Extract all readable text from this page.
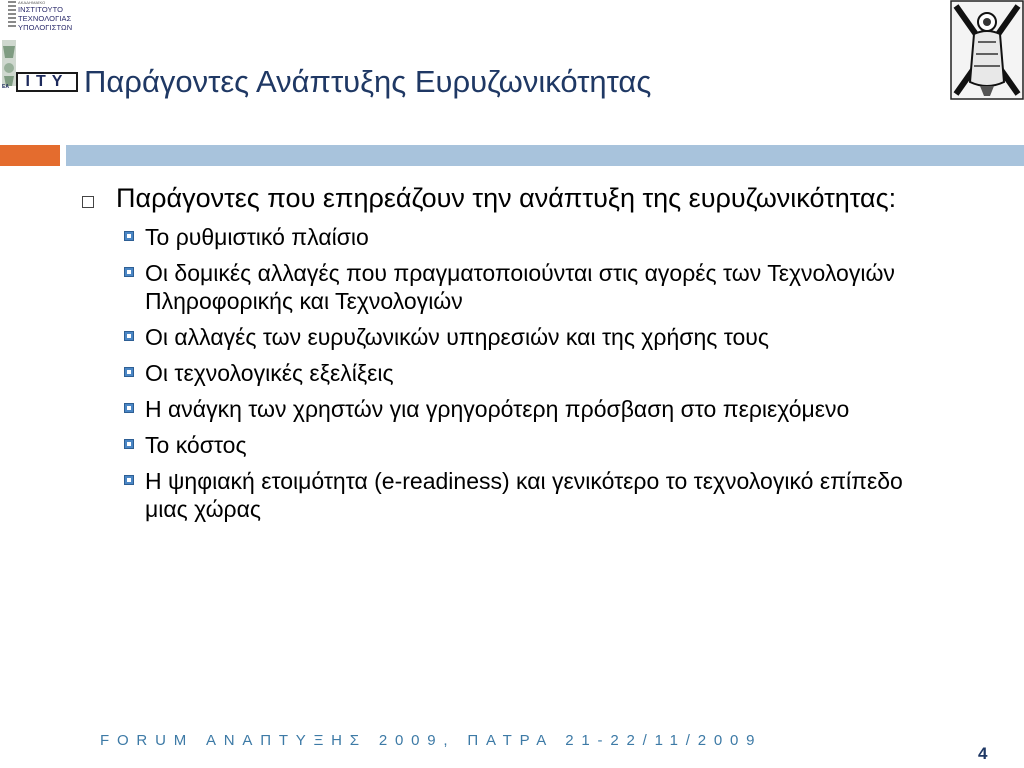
ΑΚΑΔΗΜΑΪΚΟ
ΙΝΣΤΙΤΟΥΤΟ
ΤΕΧΝΟΛΟΓΙΑΣ
ΥΠΟΛΟΓΙΣΤΩΝ
ITY
ΕΑ Παράγοντες Ανάπτυξης Ευρυζωνικότητας
Παράγοντες που επηρεάζουν την ανάπτυξη της ευρυζωνικότητας:
Το ρυθμιστικό πλαίσιο
Οι δομικές αλλαγές που πραγματοποιούνται στις αγορές των Τεχνολογιών Πληροφορικής και Τεχνολογιών
Οι αλλαγές των ευρυζωνικών υπηρεσιών και της χρήσης τους
Οι τεχνολογικές εξελίξεις
Η ανάγκη των χρηστών για γρηγορότερη πρόσβαση στο περιεχόμενο
Το κόστος
Η ψηφιακή ετοιμότητα (e-readiness) και γενικότερο το τεχνολογικό επίπεδο μιας χώρας
FORUM ΑΝΑΠΤΥΞΗΣ 2009, ΠΑΤΡΑ 21-22/11/2009
4
